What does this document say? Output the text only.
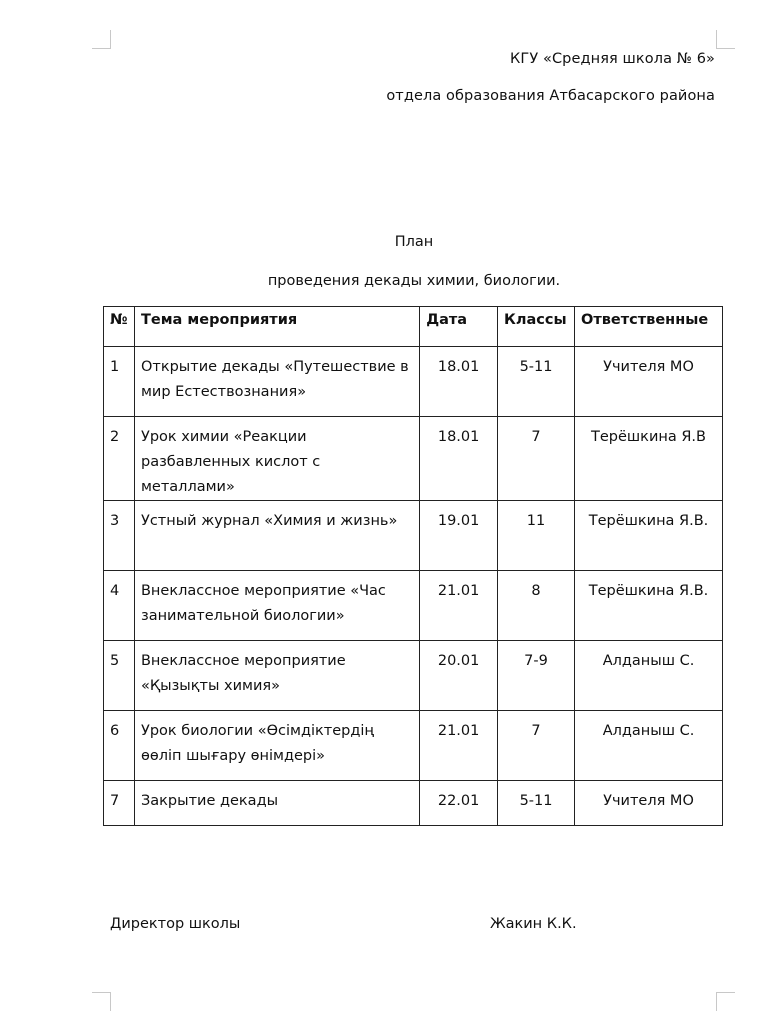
КГУ «Средняя школа № 6»
отдела образования Атбасарского района
План
проведения декады химии, биологии.
№	Тема мероприятия	Дата	Классы	Ответственные
1	Открытие декады «Путешествие в мир Естествознания»	18.01	5-11	Учителя МО
2	Урок химии «Реакции разбавленных кислот с металлами»	18.01	7	Терёшкина Я.В
3	Устный журнал «Химия и жизнь»	19.01	11	Терёшкина Я.В.
4	Внеклассное мероприятие «Час занимательной биологии»	21.01	8	Терёшкина Я.В.
5	Внеклассное мероприятие «Қызықты химия»	20.01	7-9	Алданыш С.
6	Урок биологии «Өсімдіктердің өөліп шығару өнімдері»	21.01	7	Алданыш С.
7	Закрытие декады	22.01	5-11	Учителя МО
Директор школы	Жакин К.К.
